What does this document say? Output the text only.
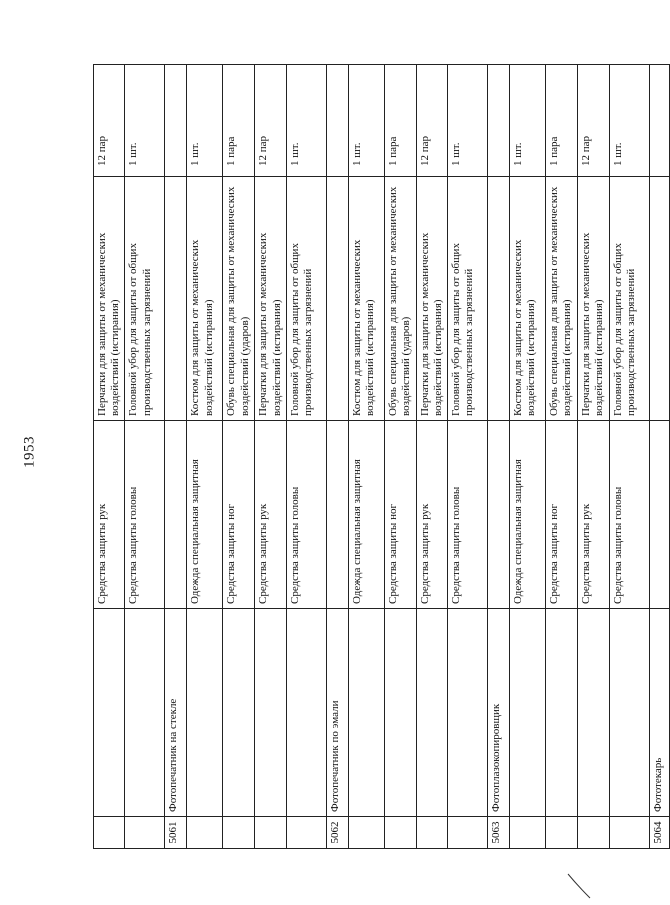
1953
		Средства защиты рук	Перчатки для защиты от механических воздействий (истирания)	12 пар
		Средства защиты головы	Головной убор для защиты от общих производственных загрязнений	1 шт.
5061	Фотопечатник на стекле			
		Одежда специальная защитная	Костюм для защиты от механических воздействий (истирания)	1 шт.
		Средства защиты ног	Обувь специальная для защиты от механических воздействий (ударов)	1 пара
		Средства защиты рук	Перчатки для защиты от механических воздействий (истирания)	12 пар
		Средства защиты головы	Головной убор для защиты от общих производственных загрязнений	1 шт.
5062	Фотопечатник по эмали			
		Одежда специальная защитная	Костюм для защиты от механических воздействий (истирания)	1 шт.
		Средства защиты ног	Обувь специальная для защиты от механических воздействий (ударов)	1 пара
		Средства защиты рук	Перчатки для защиты от механических воздействий (истирания)	12 пар
		Средства защиты головы	Головной убор для защиты от общих производственных загрязнений	1 шт.
5063	Фотоплазокопировщик			
		Одежда специальная защитная	Костюм для защиты от механических воздействий (истирания)	1 шт.
		Средства защиты ног	Обувь специальная для защиты от механических воздействий (истирания)	1 пара
		Средства защиты рук	Перчатки для защиты от механических воздействий (истирания)	12 пар
		Средства защиты головы	Головной убор для защиты от общих производственных загрязнений	1 шт.
5064	Фототекарь			
